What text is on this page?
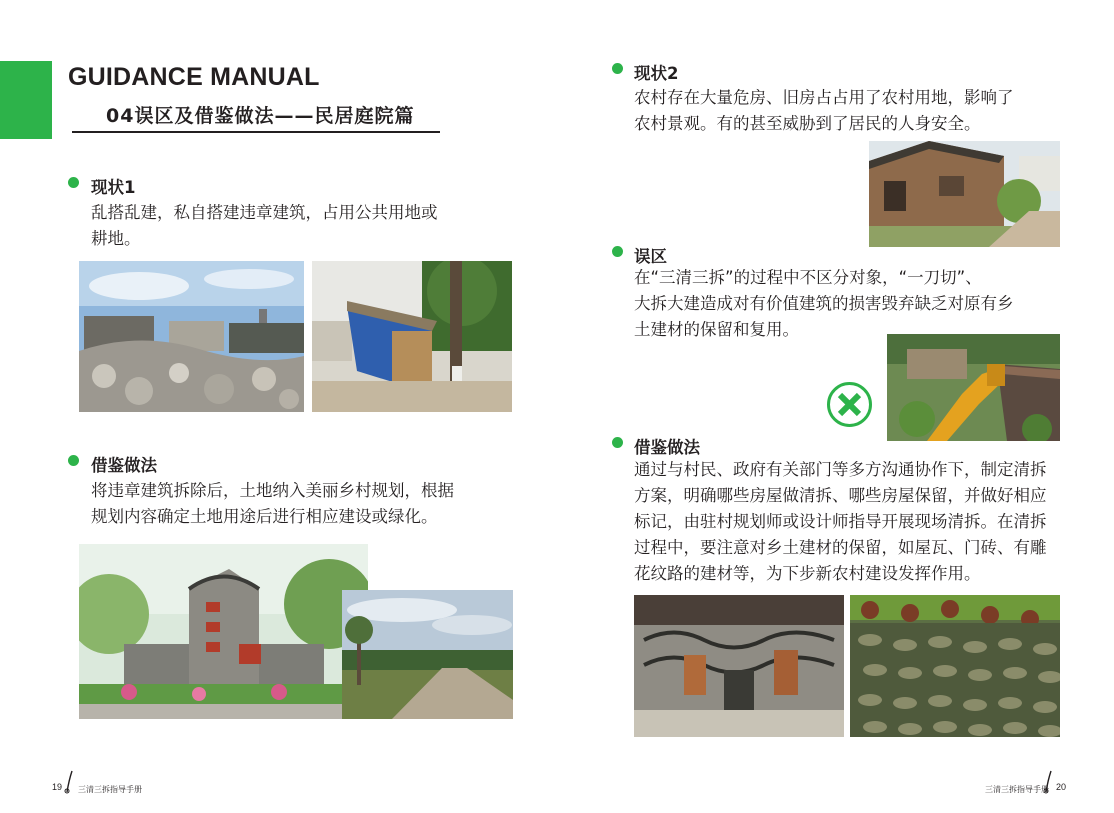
GUIDANCE MANUAL
04误区及借鉴做法——民居庭院篇
现状1
乱搭乱建，私自搭建违章建筑，占用公共用地或
耕地。
借鉴做法
将违章建筑拆除后，土地纳入美丽乡村规划，根据
规划内容确定土地用途后进行相应建设或绿化。
现状2
农村存在大量危房、旧房占占用了农村用地，影响了
农村景观。有的甚至威胁到了居民的人身安全。
误区
在“三清三拆”的过程中不区分对象，“一刀切”、
大拆大建造成对有价值建筑的损害毁弃缺乏对原有乡
土建材的保留和复用。
借鉴做法
通过与村民、政府有关部门等多方沟通协作下，制定清拆
方案，明确哪些房屋做清拆、哪些房屋保留，并做好相应
标记，由驻村规划师或设计师指导开展现场清拆。在清拆
过程中，要注意对乡土建材的保留，如屋瓦、门砖、有雕
花纹路的建材等，为下步新农村建设发挥作用。
19 三清三拆指导手册	三清三拆指导手册 20
